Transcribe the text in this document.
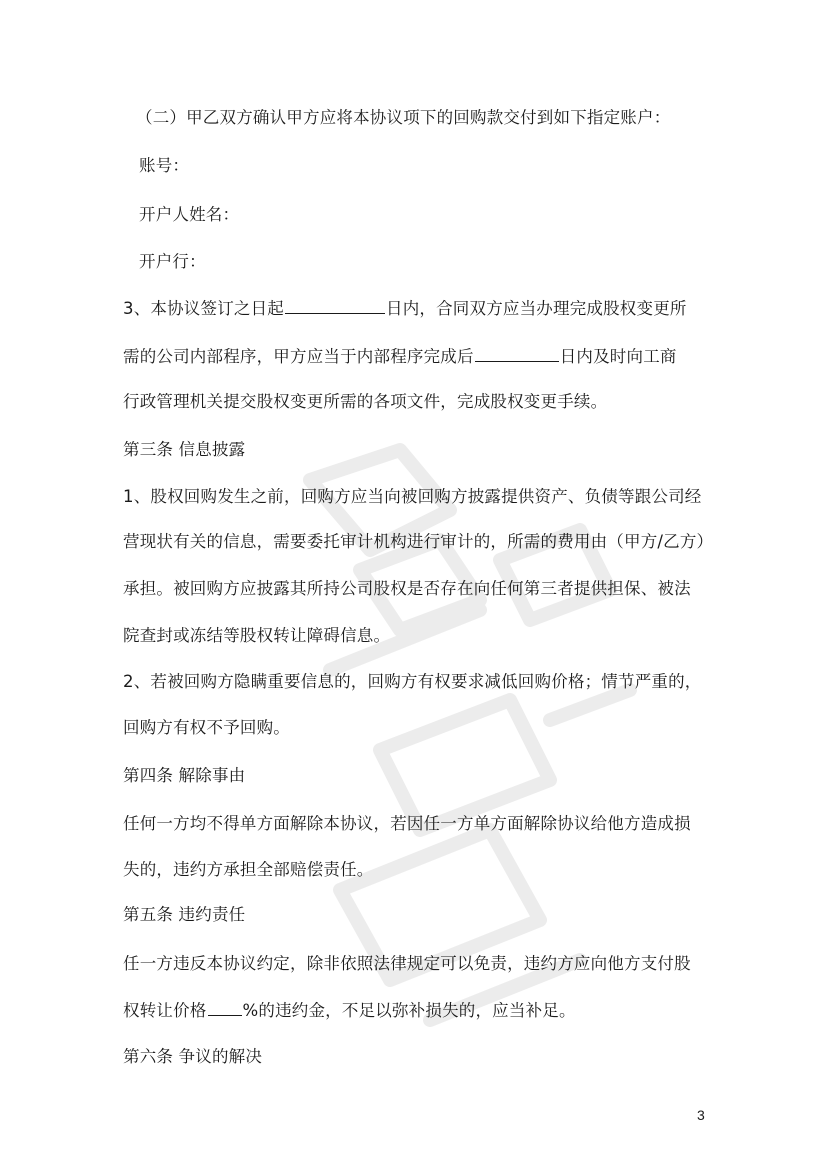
（二）甲乙双方确认甲方应将本协议项下的回购款交付到如下指定账户：
账号：
开户人姓名：
开户行：
3、本协议签订之日起	日内，合同双方应当办理完成股权变更所
需的公司内部程序，甲方应当于内部程序完成后	日内及时向工商
行政管理机关提交股权变更所需的各项文件，完成股权变更手续。
第三条 信息披露
1、股权回购发生之前，回购方应当向被回购方披露提供资产、负债等跟公司经
营现状有关的信息，需要委托审计机构进行审计的，所需的费用由（甲方/乙方）
承担。被回购方应披露其所持公司股权是否存在向任何第三者提供担保、被法
院查封或冻结等股权转让障碍信息。
2、若被回购方隐瞒重要信息的，回购方有权要求减低回购价格；情节严重的，
回购方有权不予回购。
第四条 解除事由
任何一方均不得单方面解除本协议，若因任一方单方面解除协议给他方造成损
失的，违约方承担全部赔偿责任。
第五条 违约责任
任一方违反本协议约定，除非依照法律规定可以免责，违约方应向他方支付股
权转让价格 %的违约金，不足以弥补损失的，应当补足。
第六条 争议的解决
3
